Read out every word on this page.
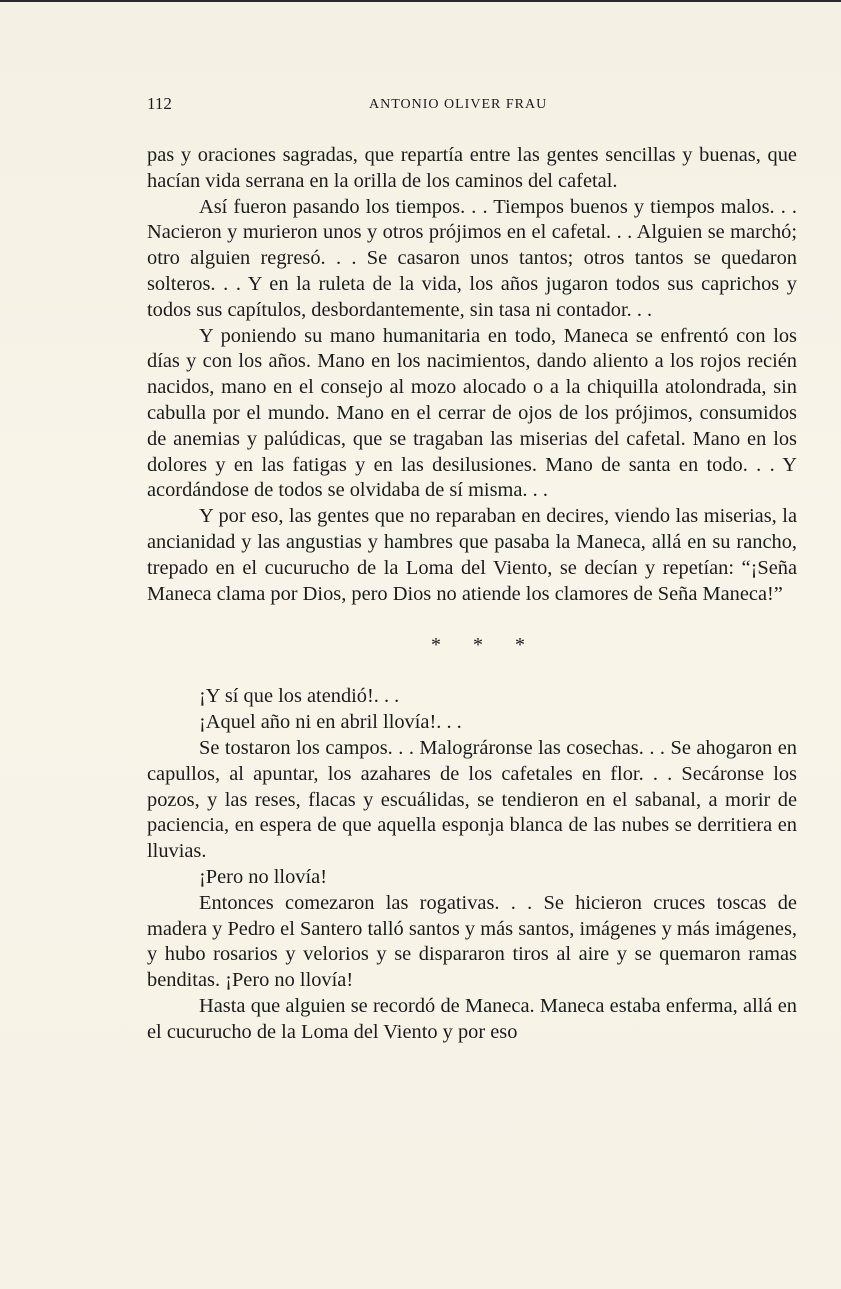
112	ANTONIO OLIVER FRAU

pas y oraciones sagradas, que repartía entre las gentes sencillas y buenas, que hacían vida serrana en la orilla de los caminos del cafetal.

Así fueron pasando los tiempos. . . Tiempos buenos y tiempos malos. . . Nacieron y murieron unos y otros prójimos en el cafetal. . . Alguien se marchó; otro alguien regresó. . . Se casaron unos tantos; otros tantos se quedaron solteros. . . Y en la ruleta de la vida, los años jugaron todos sus caprichos y todos sus capítulos, desbordantemente, sin tasa ni contador. . .

Y poniendo su mano humanitaria en todo, Maneca se enfrentó con los días y con los años. Mano en los nacimientos, dando aliento a los rojos recién nacidos, mano en el consejo al mozo alocado o a la chiquilla atolondrada, sin cabulla por el mundo. Mano en el cerrar de ojos de los prójimos, consumidos de anemias y palúdicas, que se tragaban las miserias del cafetal. Mano en los dolores y en las fatigas y en las desilusiones. Mano de santa en todo. . . Y acordándose de todos se olvidaba de sí misma. . .

Y por eso, las gentes que no reparaban en decires, viendo las miserias, la ancianidad y las angustias y hambres que pasaba la Maneca, allá en su rancho, trepado en el cucurucho de la Loma del Viento, se decían y repetían: “¡Seña Maneca clama por Dios, pero Dios no atiende los clamores de Seña Maneca!”

* * *

¡Y sí que los atendió!. . .

¡Aquel año ni en abril llovía!. . .

Se tostaron los campos. . . Malográronse las cosechas. . . Se ahogaron en capullos, al apuntar, los azahares de los cafetales en flor. . . Secáronse los pozos, y las reses, flacas y escuálidas, se tendieron en el sabanal, a morir de paciencia, en espera de que aquella esponja blanca de las nubes se derritiera en lluvias.

¡Pero no llovía!

Entonces comezaron las rogativas. . . Se hicieron cruces toscas de madera y Pedro el Santero talló santos y más santos, imágenes y más imágenes, y hubo rosarios y velorios y se dispararon tiros al aire y se quemaron ramas benditas. ¡Pero no llovía!

Hasta que alguien se recordó de Maneca. Maneca estaba enferma, allá en el cucurucho de la Loma del Viento y por eso
